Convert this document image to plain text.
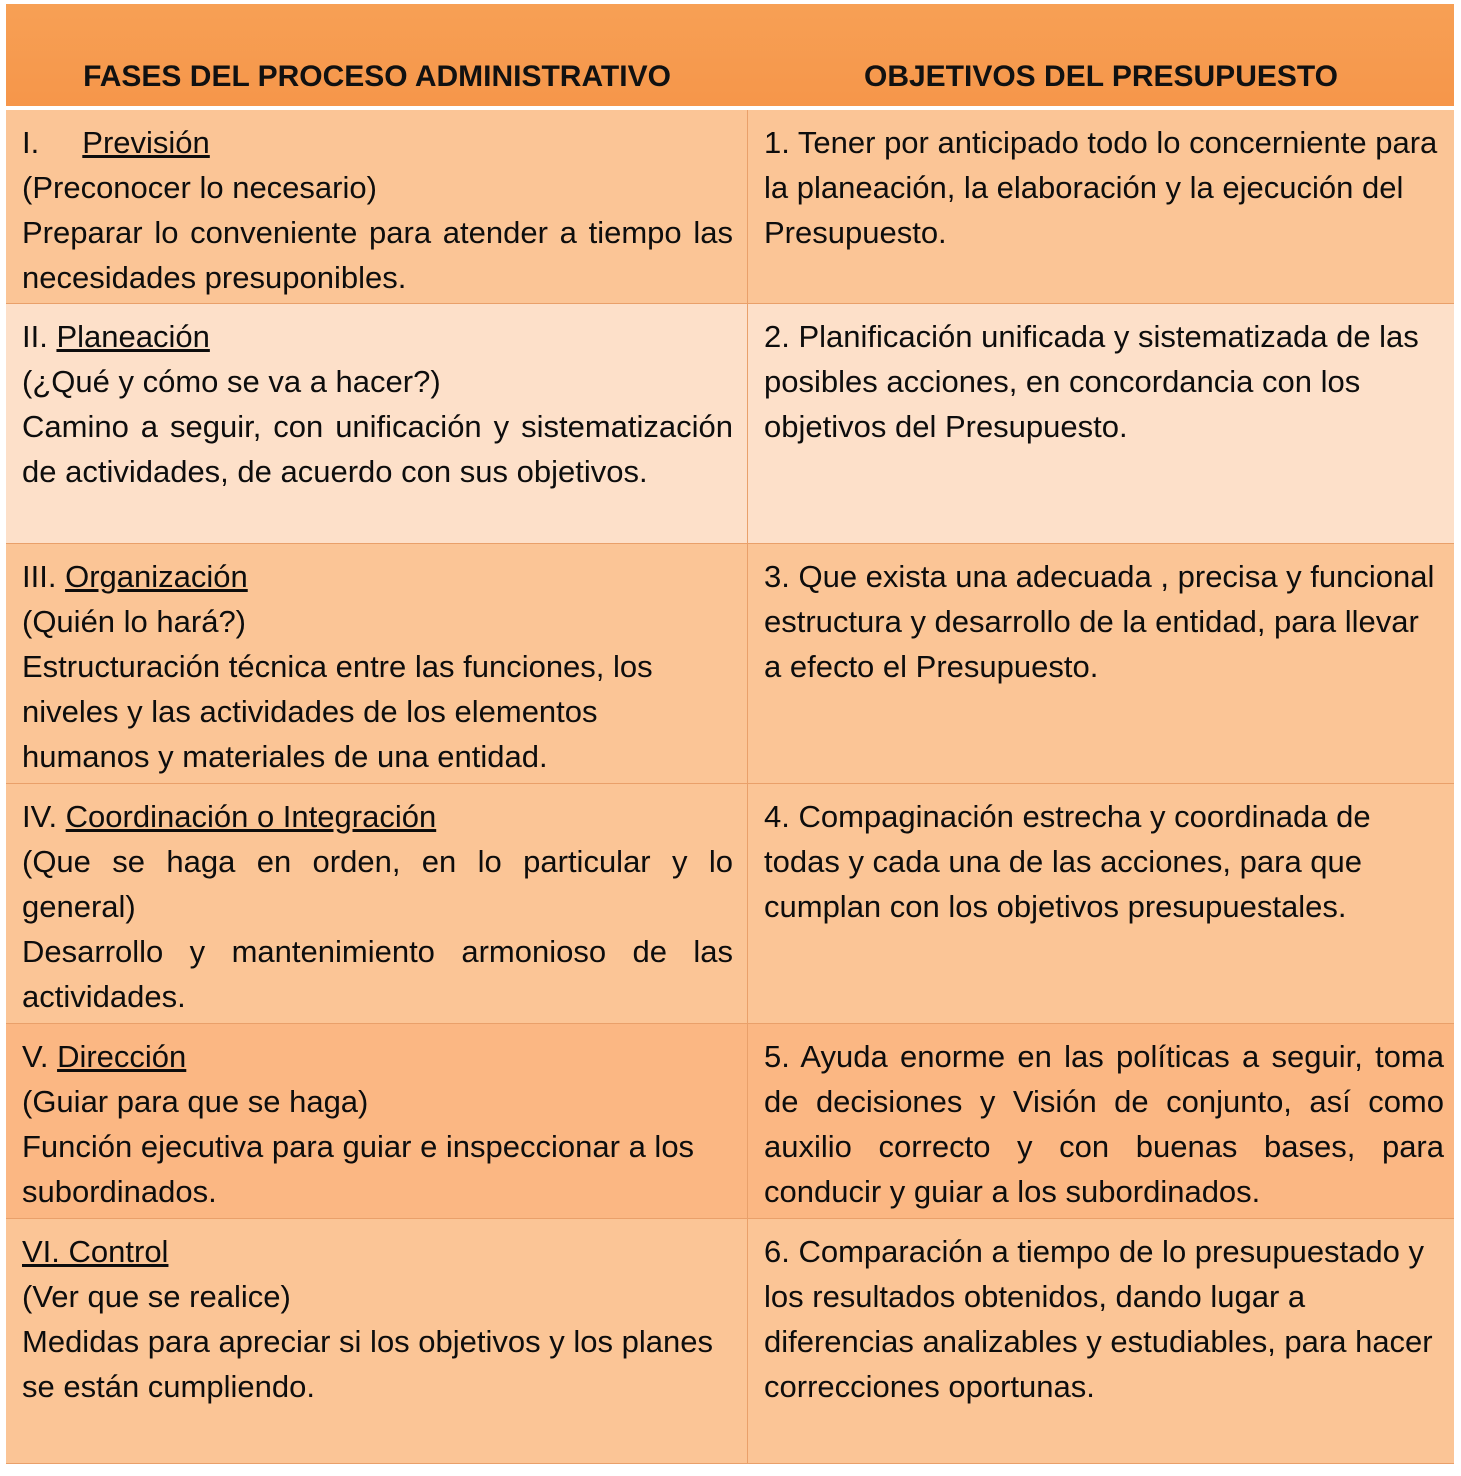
FASES DEL PROCESO ADMINISTRATIVO	OBJETIVOS DEL PRESUPUESTO

I.     Previsión

(Preconocer lo necesario)

Preparar lo conveniente para atender a tiempo las necesidades presuponibles.

1. Tener por anticipado todo lo concerniente para la planeación, la elaboración y la ejecución del Presupuesto.

II. Planeación

(¿Qué y cómo se va a hacer?)

Camino a seguir, con unificación y sistematización de actividades, de acuerdo con sus objetivos.

2. Planificación unificada y sistematizada de las posibles acciones, en concordancia con los objetivos del Presupuesto.

III. Organización

(Quién lo hará?)

Estructuración técnica entre las funciones, los niveles y las actividades de los elementos humanos y materiales de una entidad.

3. Que exista una adecuada , precisa y funcional estructura y desarrollo de la entidad, para llevar a efecto el Presupuesto.

IV. Coordinación o Integración

(Que se haga en orden, en lo particular y lo general)

Desarrollo y mantenimiento armonioso de las actividades.

4. Compaginación estrecha y coordinada de todas y cada una de las acciones, para que cumplan con los objetivos presupuestales.

V. Dirección

(Guiar para que se haga)

Función ejecutiva para guiar e inspeccionar a los subordinados.

5. Ayuda enorme en las políticas a seguir, toma de decisiones y Visión de conjunto, así como auxilio correcto y con buenas bases, para conducir y guiar a los subordinados.

VI. Control

(Ver que se realice)

Medidas para apreciar si los objetivos y los planes se están cumpliendo.

6. Comparación a tiempo de lo presupuestado y los resultados obtenidos, dando lugar a diferencias analizables y estudiables, para hacer correcciones oportunas.
